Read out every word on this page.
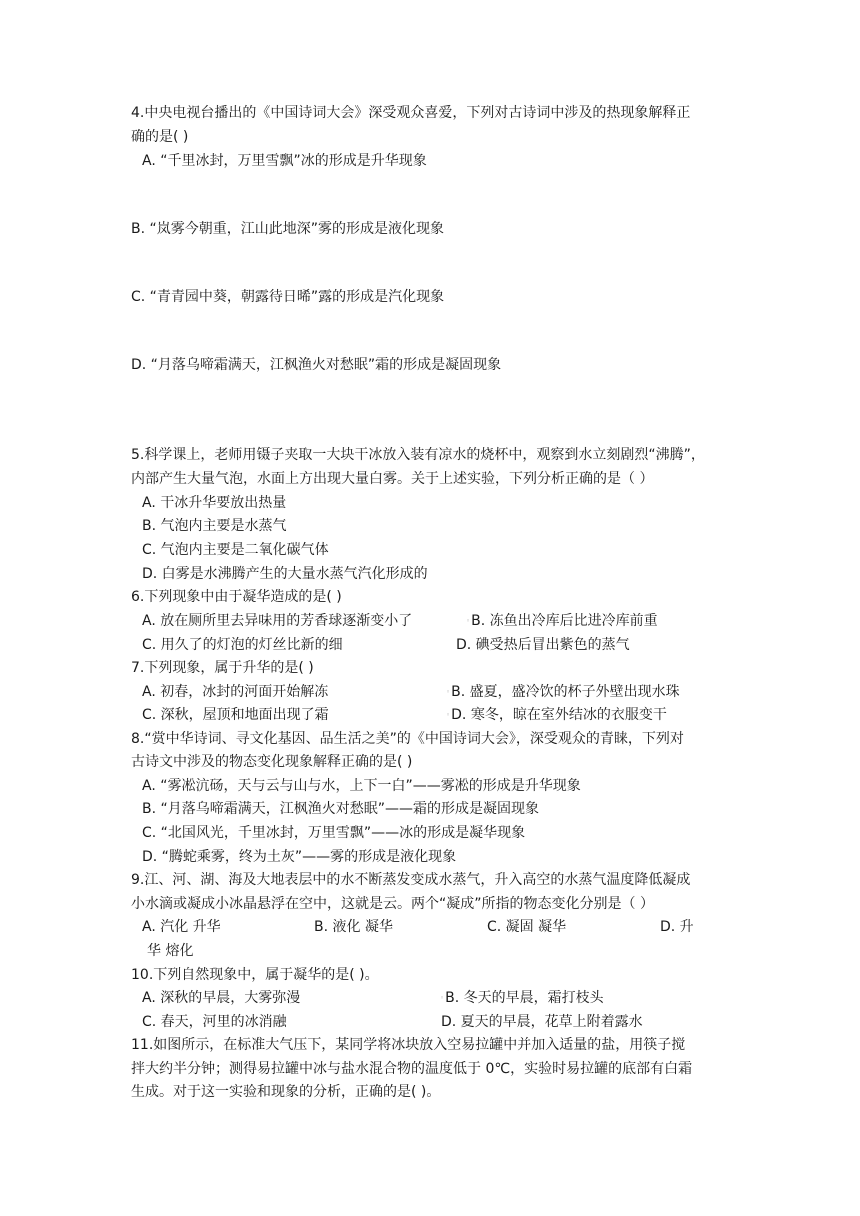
4.中央电视台播出的《中国诗词大会》深受观众喜爱，下列对古诗词中涉及的热现象解释正
确的是( )
A. “千里冰封，万里雪飘”冰的形成是升华现象
B. “岚雾今朝重，江山此地深”雾的形成是液化现象
C. “青青园中葵，朝露待日晞”露的形成是汽化现象
D. “月落乌啼霜满天，江枫渔火对愁眠”霜的形成是凝固现象
5.科学课上，老师用镊子夹取一大块干冰放入装有凉水的烧杯中，观察到水立刻剧烈“沸腾”，
内部产生大量气泡，水面上方出现大量白雾。关于上述实验，下列分析正确的是（ ）
A. 干冰升华要放出热量
B. 气泡内主要是水蒸气
C. 气泡内主要是二氧化碳气体
D. 白雾是水沸腾产生的大量水蒸气汽化形成的
6.下列现象中由于凝华造成的是( )
A. 放在厕所里去异味用的芳香球逐渐变小了	◦B. 冻鱼出冷库后比进冷库前重
C. 用久了的灯泡的灯丝比新的细	D. 碘受热后冒出紫色的蒸气
7.下列现象，属于升华的是( )
A. 初春，冰封的河面开始解冻	◦B. 盛夏，盛冷饮的杯子外壁出现水珠
C. 深秋，屋顶和地面出现了霜	◦D. 寒冬，晾在室外结冰的衣服变干
8.“赏中华诗词、寻文化基因、品生活之美”的《中国诗词大会》，深受观众的青睐，下列对
古诗文中涉及的物态变化现象解释正确的是( )
A. “雾凇沆砀，天与云与山与水，上下一白”——雾凇的形成是升华现象
B. “月落乌啼霜满天，江枫渔火对愁眠”——霜的形成是凝固现象
C. “北国风光，千里冰封，万里雪飘”——冰的形成是凝华现象
D. “腾蛇乘雾，终为土灰”——雾的形成是液化现象
9.江、河、湖、海及大地表层中的水不断蒸发变成水蒸气，升入高空的水蒸气温度降低凝成
小水滴或凝成小冰晶悬浮在空中，这就是云。两个“凝成”所指的物态变化分别是（ ）
A. 汽化 升华	B. 液化 凝华	C. 凝固 凝华	D. 升
华 熔化
10.下列自然现象中，属于凝华的是( )。
A. 深秋的早晨，大雾弥漫	◦B. 冬天的早晨，霜打枝头
C. 春天，河里的冰消融	D. 夏天的早晨，花草上附着露水
11.如图所示，在标准大气压下，某同学将冰块放入空易拉罐中并加入适量的盐，用筷子搅
拌大约半分钟；测得易拉罐中冰与盐水混合物的温度低于 0℃，实验时易拉罐的底部有白霜
生成。对于这一实验和现象的分析，正确的是( )。
